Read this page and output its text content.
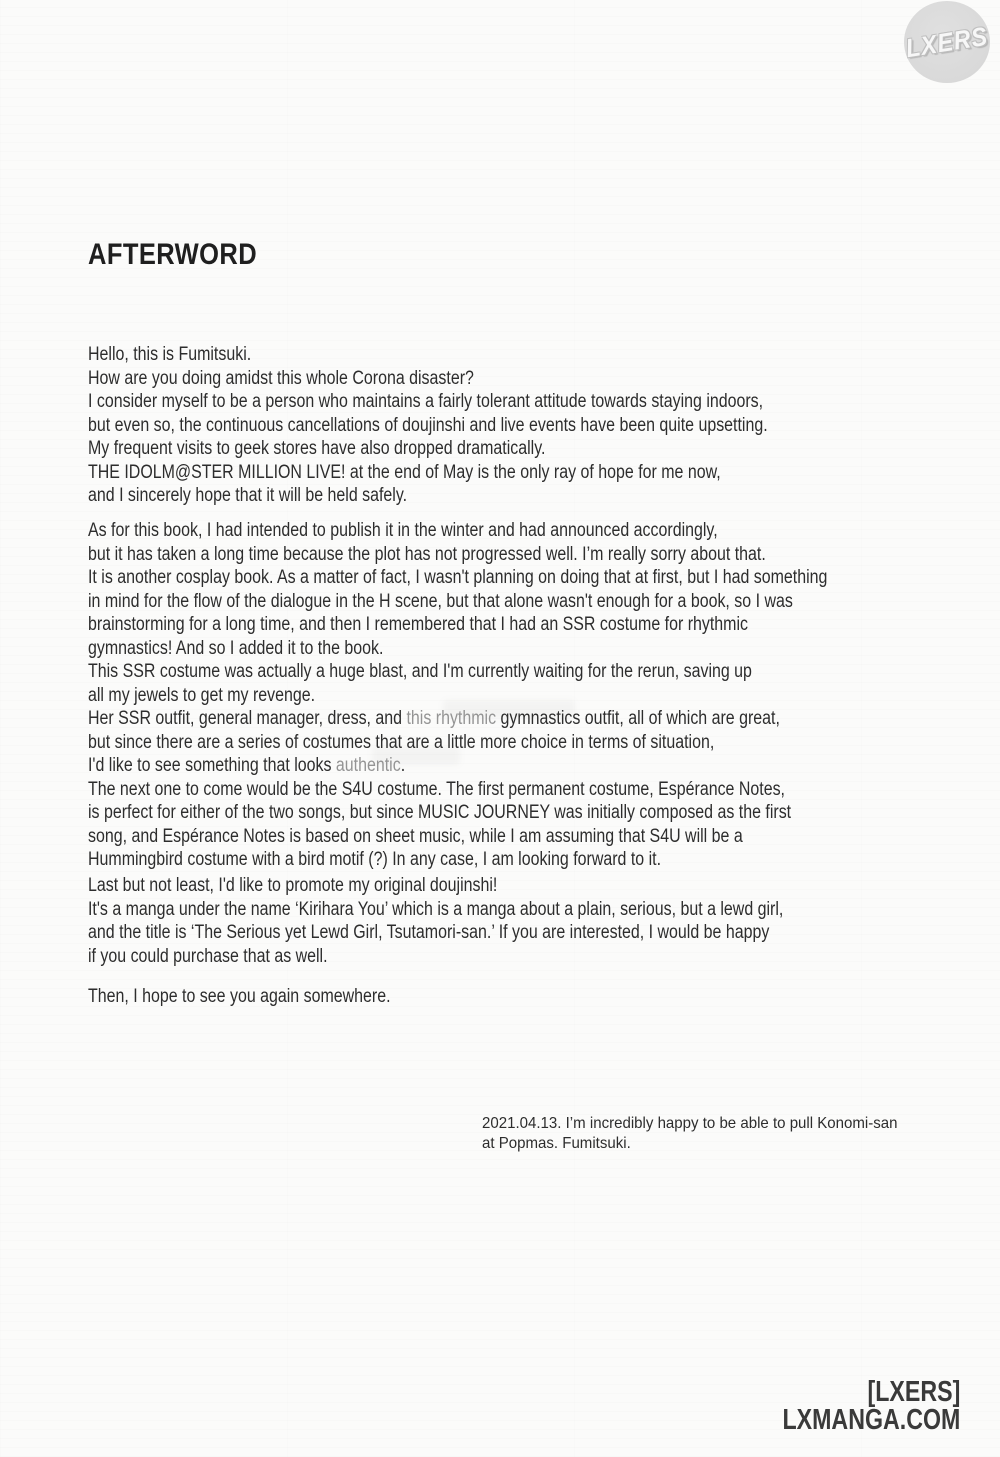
LXERS
AFTERWORD
Hello, this is Fumitsuki.
How are you doing amidst this whole Corona disaster?
I consider myself to be a person who maintains a fairly tolerant attitude towards staying indoors,
but even so, the continuous cancellations of doujinshi and live events have been quite upsetting.
My frequent visits to geek stores have also dropped dramatically.
THE IDOLM@STER MILLION LIVE! at the end of May is the only ray of hope for me now,
and I sincerely hope that it will be held safely.
As for this book, I had intended to publish it in the winter and had announced accordingly,
but it has taken a long time because the plot has not progressed well. I’m really sorry about that.
It is another cosplay book. As a matter of fact, I wasn't planning on doing that at first, but I had something
in mind for the flow of the dialogue in the H scene, but that alone wasn't enough for a book, so I was
brainstorming for a long time, and then I remembered that I had an SSR costume for rhythmic
gymnastics! And so I added it to the book.
This SSR costume was actually a huge blast, and I'm currently waiting for the rerun, saving up
all my jewels to get my revenge.
Her SSR outfit, general manager, dress, and this rhythmic gymnastics outfit, all of which are great,
but since there are a series of costumes that are a little more choice in terms of situation,
I'd like to see something that looks authentic.
The next one to come would be the S4U costume. The first permanent costume, Espérance Notes,
is perfect for either of the two songs, but since MUSIC JOURNEY was initially composed as the first
song, and Espérance Notes is based on sheet music, while I am assuming that S4U will be a
Hummingbird costume with a bird motif (?) In any case, I am looking forward to it.
Last but not least, I'd like to promote my original doujinshi!
It's a manga under the name ‘Kirihara You’ which is a manga about a plain, serious, but a lewd girl,
and the title is ‘The Serious yet Lewd Girl, Tsutamori-san.’ If you are interested, I would be happy
if you could purchase that as well.
Then, I hope to see you again somewhere.
2021.04.13. I’m incredibly happy to be able to pull Konomi-san
at Popmas. Fumitsuki.
[LXERS]
LXMANGA.COM
